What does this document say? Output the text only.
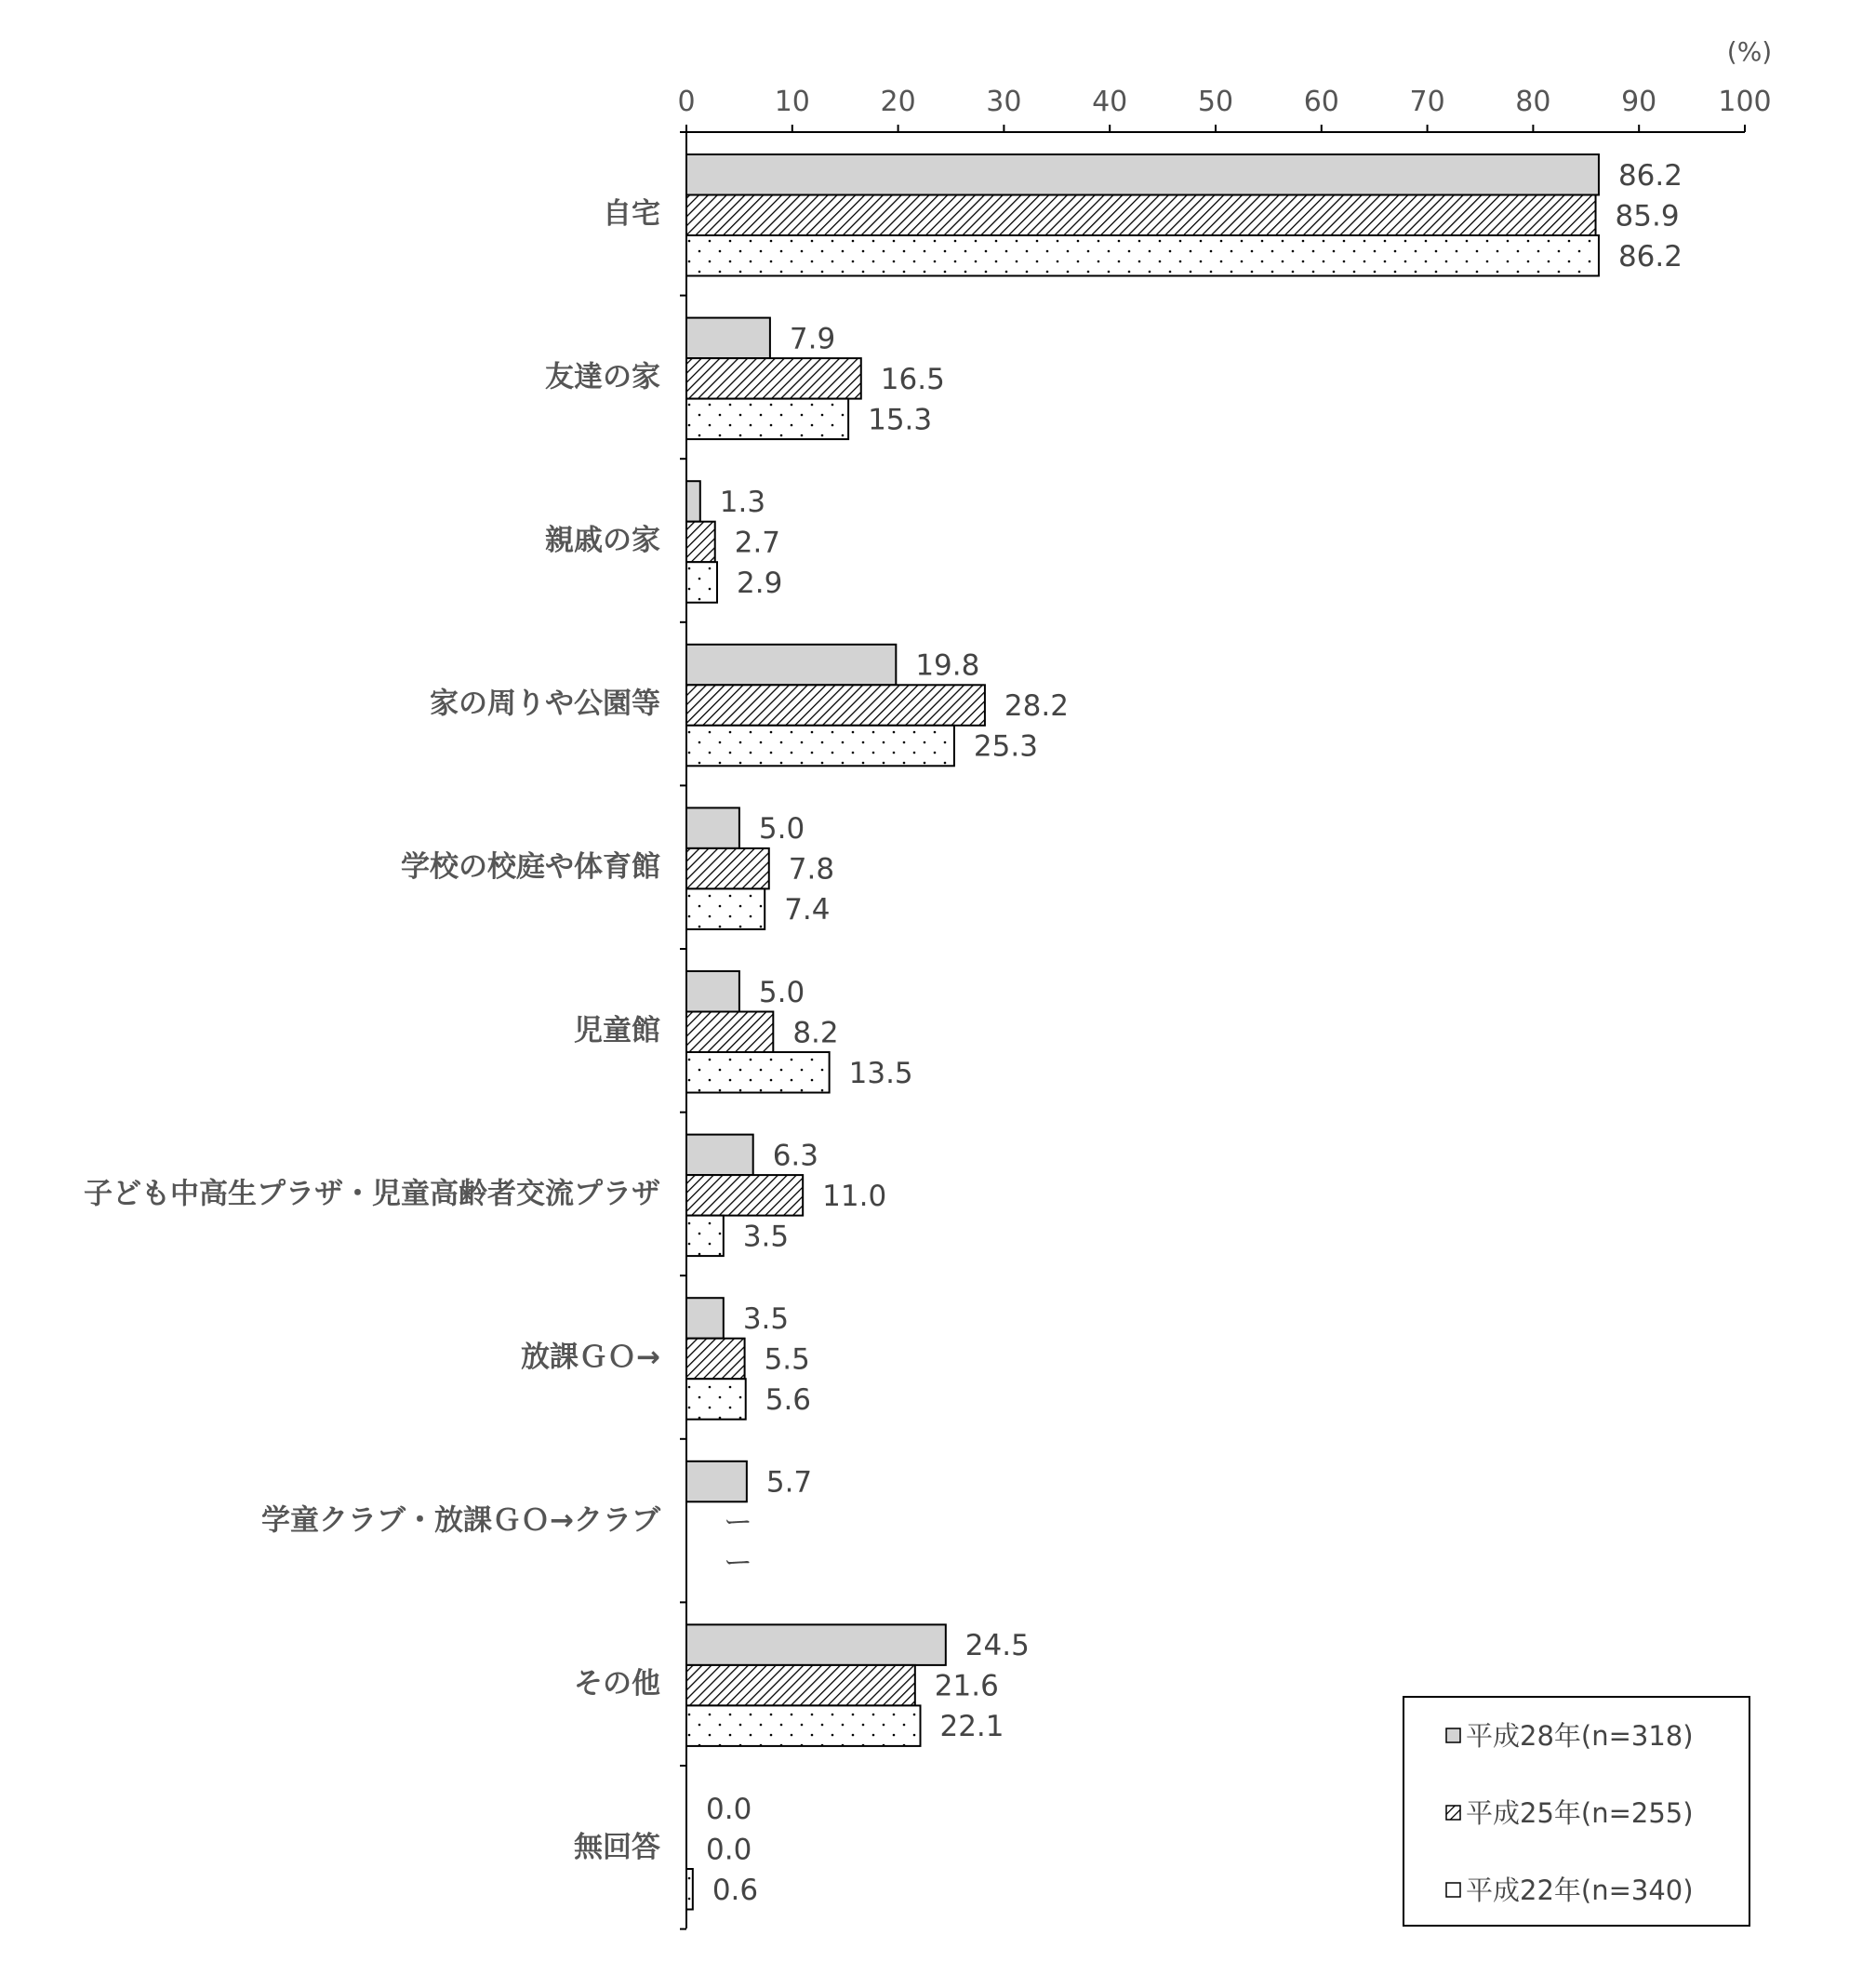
(%)
0	10	20	30	40	50	60	70	80	90 100
86.2
85.9
86.2
7.9
16.5
15.3
1.3
2.7
2.9
19.8
28.2
25.3
5.0
7.8
7.4
5.0
8.2
13.5
6.3
11.0
3.5
3.5
5.5
5.6
5.7
ー
ー
24.5
21.6
22.1
0.0
0.0
0.6
自宅
友達の家
親戚の家
家の周りや公園等
学校の校庭や体育館
児童館
子ども中高生プラザ・児童高齢者交流プラザ
放課ＧＯ→
学童クラブ・放課ＧＯ→クラブ
その他
無回答
平成28年(n=318)
平成25年(n=255)
平成22年(n=340)
